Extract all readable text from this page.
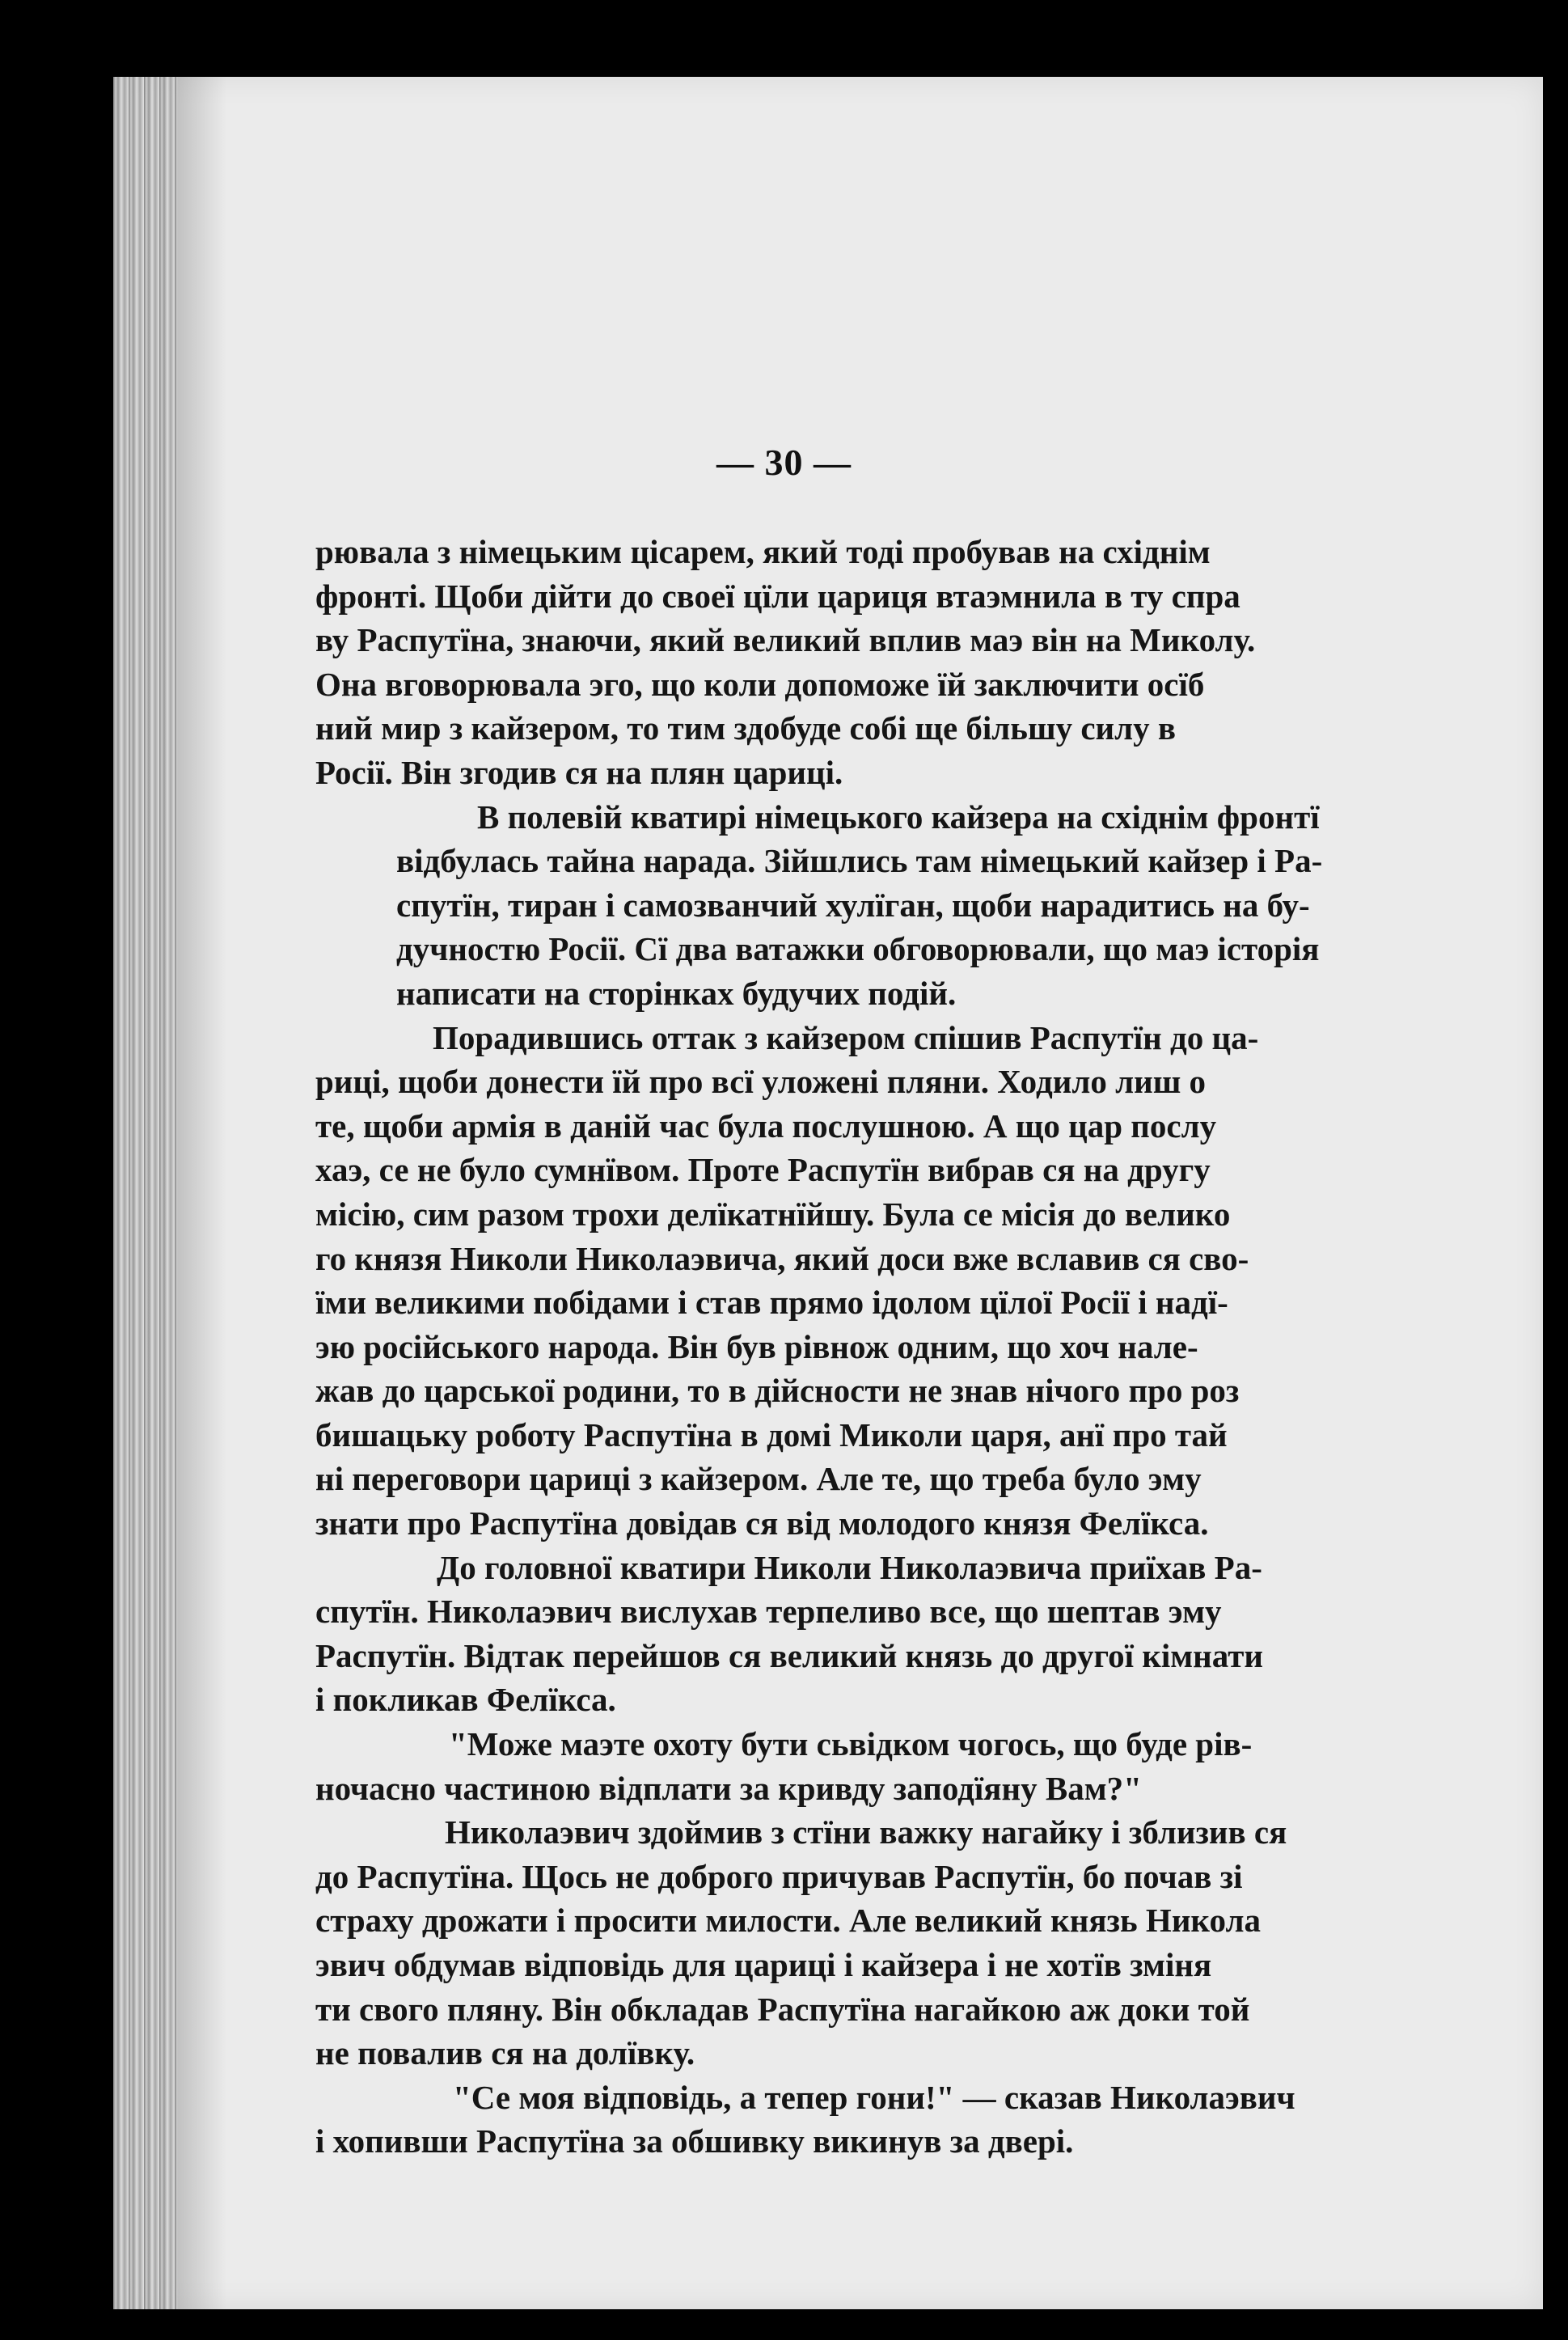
— 30 —

рювала з німецьким цісарем, який тоді пробував на східнім
фронті. Щоби дійти до своеї цїли цариця втаэмнила в ту спра
ву Распутїна, знаючи, який великий вплив маэ він на Миколу.
Она вговорювала эго, що коли допоможе їй заключити осїб
ний мир з кайзером, то тим здобуде собі ще більшу силу в
Росії. Він згодив ся на плян цариці.

В полевій кватирі німецького кайзера на східнім фронтї
відбулась тайна нарада. Зійшлись там німецький кайзер і Ра-
спутїн, тиран і самозванчий хулїган, щоби нарадитись на бу-
дучностю Росії. Сї два ватажки обговорювали, що маэ історія
написати на сторінках будучих подій.

Порадившись оттак з кайзером спішив Распутїн до ца-
риці, щоби донести їй про всї уложені пляни. Ходило лиш о
те, щоби армія в даній час була послушною. А що цар послу
хаэ, се не було сумнївом. Проте Распутїн вибрав ся на другу
місію, сим разом трохи делїкатнїйшу. Була се місія до велико
го князя Николи Николаэвича, який доси вже вславив ся сво-
їми великими побідами і став прямо ідолом цїлої Росії і надї-
эю російського народа. Він був рівнож одним, що хоч нале-
жав до царської родини, то в дійсности не знав нічого про роз
бишацьку роботу Распутїна в домі Миколи царя, анї про тай
ні переговори цариці з кайзером. Але те, що треба було эму
знати про Распутїна довідав ся від молодого князя Фелїкса.

До головної кватири Николи Николаэвича приїхав Ра-
спутїн. Николаэвич вислухав терпеливо все, що шептав эму
Распутїн. Відтак перейшов ся великий князь до другої кімнати
і покликав Фелїкса.

"Може маэте охоту бути сьвідком чогось, що буде рів-
ночасно частиною відплати за кривду заподїяну Вам?"

Николаэвич здоймив з стїни важку нагайку і зблизив ся
до Распутїна. Щось не доброго причував Распутїн, бо почав зі
страху дрожати і просити милости. Але великий князь Никола
эвич обдумав відповідь для цариці і кайзера і не хотїв зміня
ти свого пляну. Він обкладав Распутїна нагайкою аж доки той
не повалив ся на долївку.

"Се моя відповідь, а тепер гони!" — сказав Николаэвич
і хопивши Распутїна за обшивку викинув за двері.
